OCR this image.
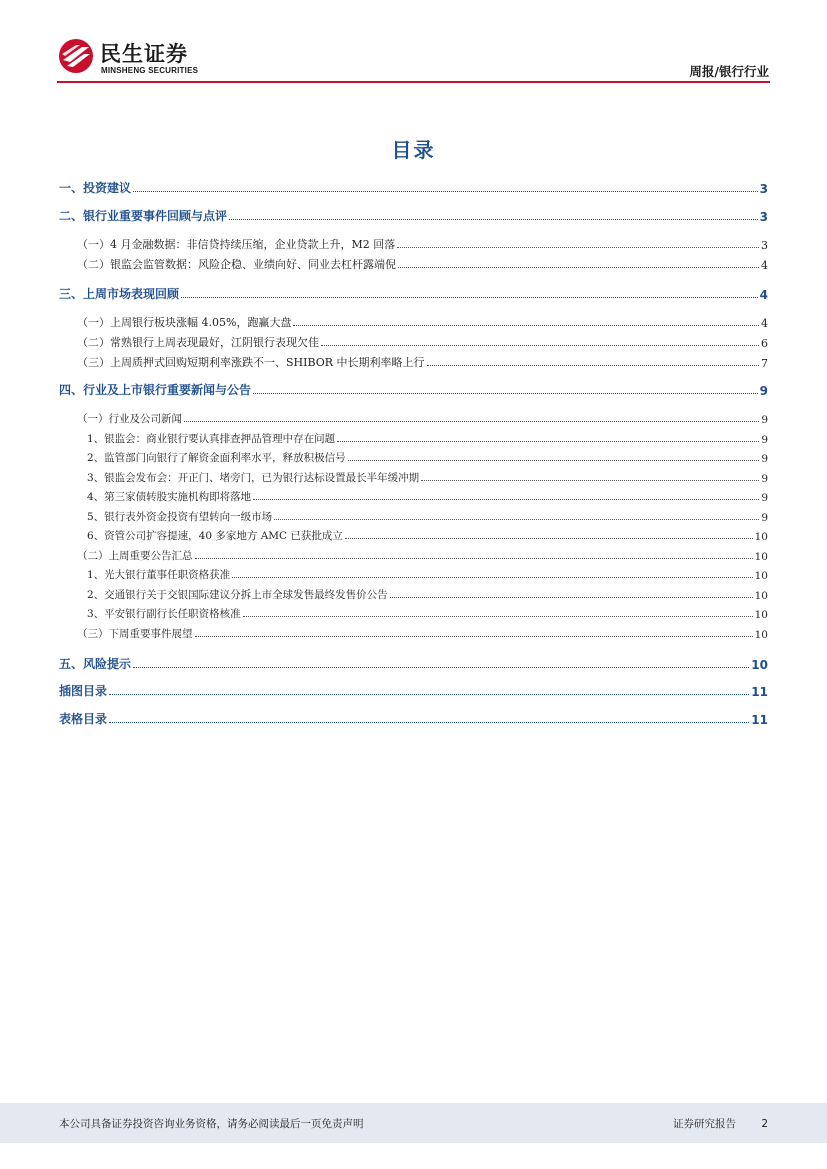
民生证券
MINSHENG SECURITIES	周报/银行行业
目录
一、投资建议	3
二、银行业重要事件回顾与点评	3
（一）4 月金融数据：非信贷持续压缩，企业贷款上升，M2 回落	3
（二）银监会监管数据：风险企稳、业绩向好、同业去杠杆露端倪	4
三、上周市场表现回顾	4
（一）上周银行板块涨幅 4.05%，跑赢大盘	4
（二）常熟银行上周表现最好，江阴银行表现欠佳	6
（三）上周质押式回购短期利率涨跌不一、SHIBOR 中长期利率略上行	7
四、行业及上市银行重要新闻与公告	9
（一）行业及公司新闻	9
1、银监会：商业银行要认真排查押品管理中存在问题	9
2、监管部门向银行了解资金面利率水平，释放积极信号	9
3、银监会发布会：开正门、堵旁门，已为银行达标设置最长半年缓冲期	9
4、第三家债转股实施机构即将落地	9
5、银行表外资金投资有望转向一级市场	9
6、资管公司扩容提速，40 多家地方 AMC 已获批成立	10
（二）上周重要公告汇总	10
1、光大银行董事任职资格获准	10
2、交通银行关于交银国际建议分拆上市全球发售最终发售价公告	10
3、平安银行副行长任职资格核准	10
（三）下周重要事件展望	10
五、风险提示	10
插图目录	11
表格目录	11
本公司具备证券投资咨询业务资格，请务必阅读最后一页免责声明	证券研究报告 2
